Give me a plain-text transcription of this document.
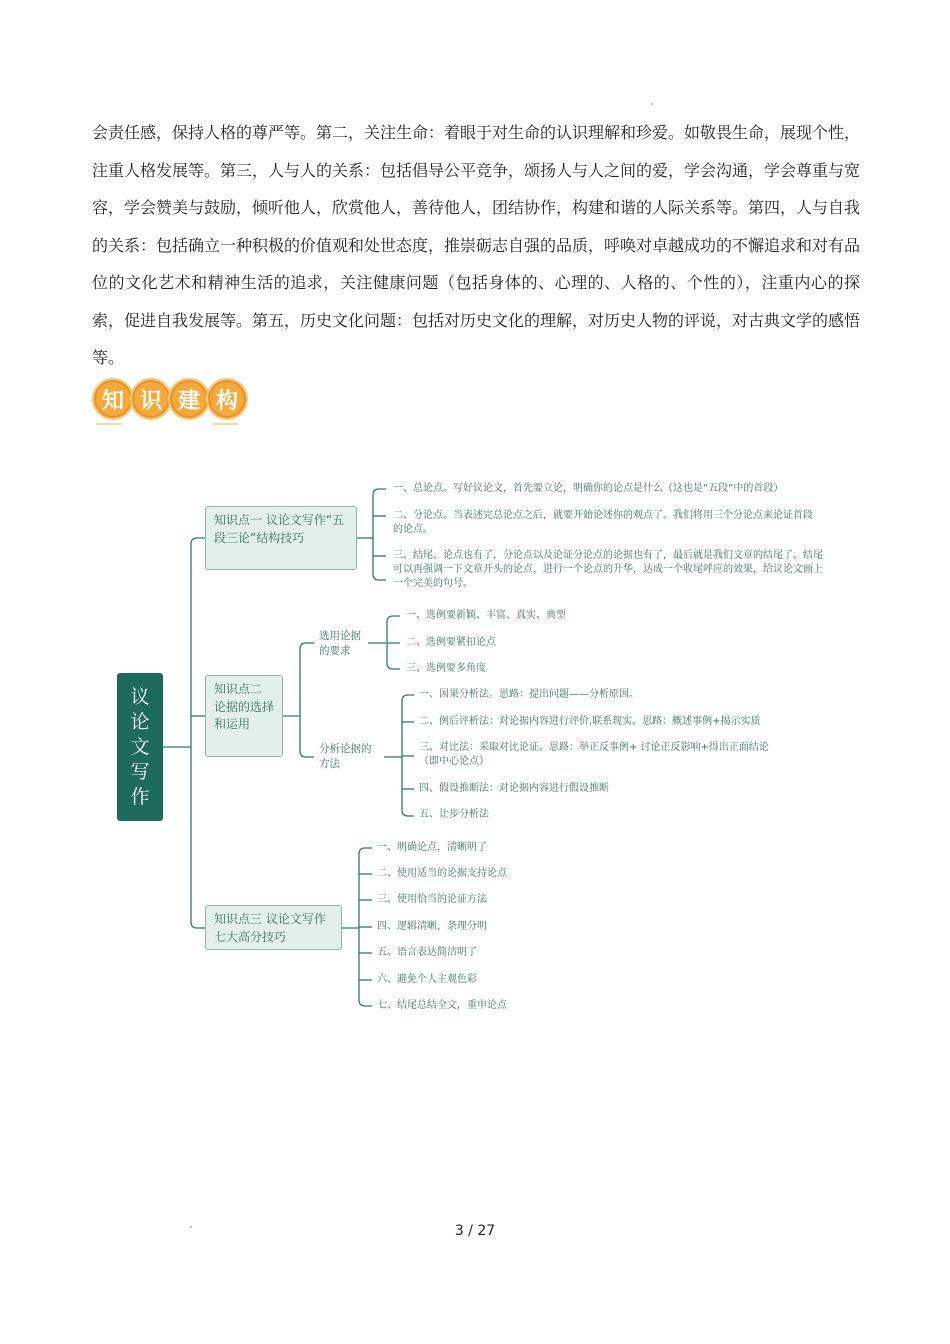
会责任感，保持人格的尊严等。第二，关注生命：着眼于对生命的认识理解和珍爱。如敬畏生命，展现个性，注重人格发展等。第三，人与人的关系：包括倡导公平竞争，颂扬人与人之间的爱，学会沟通，学会尊重与宽容，学会赞美与鼓励，倾听他人，欣赏他人，善待他人，团结协作，构建和谐的人际关系等。第四，人与自我的关系：包括确立一种积极的价值观和处世态度，推崇砺志自强的品质，呼唤对卓越成功的不懈追求和对有品位的文化艺术和精神生活的追求，关注健康问题（包括身体的、心理的、人格的、个性的），注重内心的探索，促进自我发展等。第五，历史文化问题：包括对历史文化的理解，对历史人物的评说，对古典文学的感悟等。

知 识 建 构
议
论
文
写
作
知识点一 议论文写作“五段三论”结构技巧
一、总论点。写好议论文，首先要立论，明确你的论点是什么（这也是“五段”中的首段）
二、分论点。当表述完总论点之后，就要开始论述你的观点了。我们将用三个分论点来论证首段的论点。
三、结尾。论点也有了，分论点以及论证分论点的论据也有了，最后就是我们文章的结尾了。结尾可以再强调一下文章开头的论点，进行一个论点的升华，达成一个收尾呼应的效果，给议论文画上一个完美的句号。
知识点二 论据的选择和运用
选用论据的要求
分析论据的方法
一、选例要新颖、丰富、真实、典型
二、选例要紧扣论点
三、选例要多角度
一、因果分析法。思路：提出问题——分析原因。
二、例后评析法：对论据内容进行评价,联系现实。思路：概述事例+揭示实质
三、对比法：采取对比论证。思路：举正反事例+ 讨论正反影响+得出正面结论（即中心论点）
四、假设推断法：对论据内容进行假设推断
五、让步分析法
知识点三 议论文写作七大高分技巧
一、明确论点，清晰明了
二、使用适当的论据支持论点
三、使用恰当的论证方法
四、逻辑清晰，条理分明
五、语言表达简洁明了
六、避免个人主观色彩
七、结尾总结全文，重申论点
3 / 27
